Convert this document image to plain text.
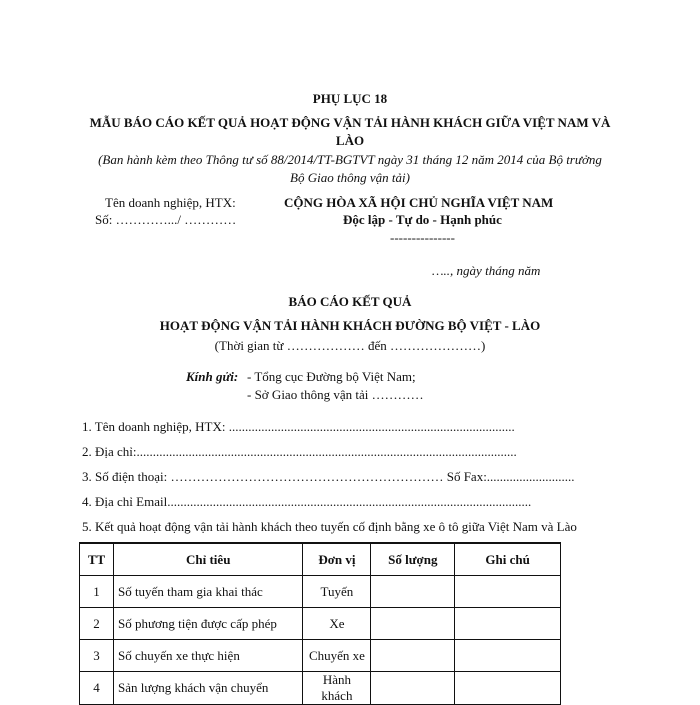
PHỤ LỤC 18
MẪU BÁO CÁO KẾT QUẢ HOẠT ĐỘNG VẬN TẢI HÀNH KHÁCH GIỮA VIỆT NAM VÀ
LÀO
(Ban hành kèm theo Thông tư số 88/2014/TT-BGTVT ngày 31 tháng 12 năm 2014 của Bộ trưởng
Bộ Giao thông vận tải)
Tên doanh nghiệp, HTX:
Số: ………….../ …………
CỘNG HÒA XÃ HỘI CHỦ NGHĨA VIỆT NAM
Độc lập - Tự do - Hạnh phúc
---------------
….., ngày tháng năm
BÁO CÁO KẾT QUẢ
HOẠT ĐỘNG VẬN TẢI HÀNH KHÁCH ĐƯỜNG BỘ VIỆT - LÀO
(Thời gian từ ……………… đến …………………)
Kính gửi: - Tổng cục Đường bộ Việt Nam;
- Sở Giao thông vận tải …………
1. Tên doanh nghiệp, HTX: ........................................................................................
2. Địa chỉ:.....................................................................................................................
3. Số điện thoại: ……………………………………………………… Số Fax:...........................
4. Địa chỉ Email................................................................................................................
5. Kết quả hoạt động vận tải hành khách theo tuyến cố định bằng xe ô tô giữa Việt Nam và Lào
TT	Chỉ tiêu	Đơn vị	Số lượng	Ghi chú
1	Số tuyến tham gia khai thác	Tuyến		
2	Số phương tiện được cấp phép	Xe		
3	Số chuyến xe thực hiện	Chuyến xe		
4	Sản lượng khách vận chuyển	Hành khách		
